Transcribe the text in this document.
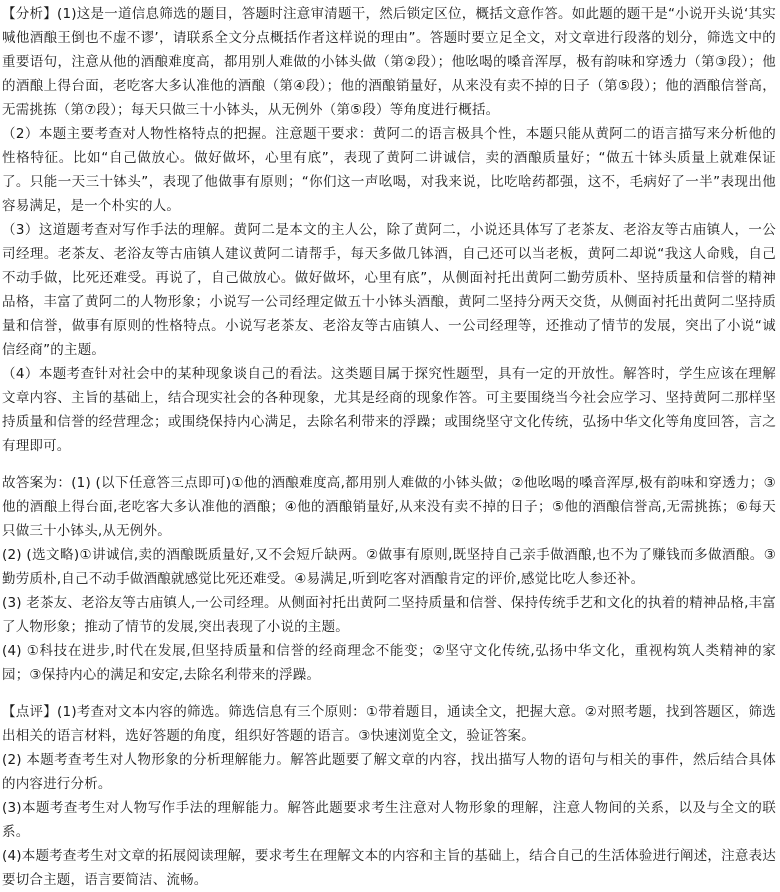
【分析】(1)这是一道信息筛选的题目，答题时注意审清题干，然后锁定区位，概括文意作答。如此题的题干是“小说开头说‘其实喊他酒酿王倒也不虚不谬’，请联系全文分点概括作者这样说的理由”。答题时要立足全文，对文章进行段落的划分，筛选文中的重要语句，注意从他的酒酿难度高，都用别人难做的小钵头做（第②段）；他吆喝的嗓音浑厚，极有韵味和穿透力（第③段）；他的酒酿上得台面，老吃客大多认准他的酒酿（第④段）；他的酒酿销量好，从来没有卖不掉的日子（第⑤段）；他的酒酿信誉高，无需挑拣（第⑦段）；每天只做三十小钵头，从无例外（第⑤段）等角度进行概括。

（2）本题主要考查对人物性格特点的把握。注意题干要求：黄阿二的语言极具个性，本题只能从黄阿二的语言描写来分析他的性格特征。比如“自己做放心。做好做坏，心里有底”，表现了黄阿二讲诚信，卖的酒酿质量好；“做五十钵头质量上就难保证了。只能一天三十钵头”，表现了他做事有原则；“你们这一声吆喝，对我来说，比吃啥药都强，这不，毛病好了一半”表现出他容易满足，是一个朴实的人。

（3）这道题考查对写作手法的理解。黄阿二是本文的主人公，除了黄阿二，小说还具体写了老茶友、老浴友等古庙镇人，一公司经理。老茶友、老浴友等古庙镇人建议黄阿二请帮手，每天多做几钵酒，自己还可以当老板，黄阿二却说“我这人命贱，自己不动手做，比死还难受。再说了，自己做放心。做好做坏，心里有底”，从侧面衬托出黄阿二勤劳质朴、坚持质量和信誉的精神品格，丰富了黄阿二的人物形象；小说写一公司经理定做五十小钵头酒酿，黄阿二坚持分两天交货，从侧面衬托出黄阿二坚持质量和信誉，做事有原则的性格特点。小说写老茶友、老浴友等古庙镇人、一公司经理等，还推动了情节的发展，突出了小说“诚信经商”的主题。

（4）本题考查针对社会中的某种现象谈自己的看法。这类题目属于探究性题型，具有一定的开放性。解答时，学生应该在理解文章内容、主旨的基础上，结合现实社会的各种现象，尤其是经商的现象作答。可主要围绕当今社会应学习、坚持黄阿二那样坚持质量和信誉的经营理念；或围绕保持内心满足，去除名利带来的浮躁；或围绕坚守文化传统，弘扬中华文化等角度回答，言之有理即可。

故答案为：(1) (以下任意答三点即可)①他的酒酿难度高,都用别人难做的小钵头做；②他吆喝的嗓音浑厚,极有韵味和穿透力；③他的酒酿上得台面,老吃客大多认准他的酒酿；④他的酒酿销量好,从来没有卖不掉的日子；⑤他的酒酿信誉高,无需挑拣；⑥每天只做三十小钵头,从无例外。

(2) (选文略)①讲诚信,卖的酒酿既质量好,又不会短斤缺两。②做事有原则,既坚持自己亲手做酒酿,也不为了赚钱而多做酒酿。③勤劳质朴,自己不动手做酒酿就感觉比死还难受。④易满足,听到吃客对酒酿肯定的评价,感觉比吃人参还补。

(3) 老茶友、老浴友等古庙镇人,一公司经理。从侧面衬托出黄阿二坚持质量和信誉、保持传统手艺和文化的执着的精神品格,丰富了人物形象；推动了情节的发展,突出表现了小说的主题。

(4) ①科技在进步,时代在发展,但坚持质量和信誉的经商理念不能变；②坚守文化传统,弘扬中华文化，重视构筑人类精神的家园；③保持内心的满足和安定,去除名利带来的浮躁。

【点评】(1)考查对文本内容的筛选。筛选信息有三个原则：①带着题目，通读全文，把握大意。②对照考题，找到答题区，筛选出相关的语言材料，选好答题的角度，组织好答题的语言。③快速浏览全文，验证答案。

(2) 本题考查考生对人物形象的分析理解能力。解答此题要了解文章的内容，找出描写人物的语句与相关的事件，然后结合具体的内容进行分析。

(3)本题考查考生对人物写作手法的理解能力。解答此题要求考生注意对人物形象的理解，注意人物间的关系，以及与全文的联系。

(4)本题考查考生对文章的拓展阅读理解，要求考生在理解文本的内容和主旨的基础上，结合自己的生活体验进行阐述，注意表达要切合主题，语言要简洁、流畅。
